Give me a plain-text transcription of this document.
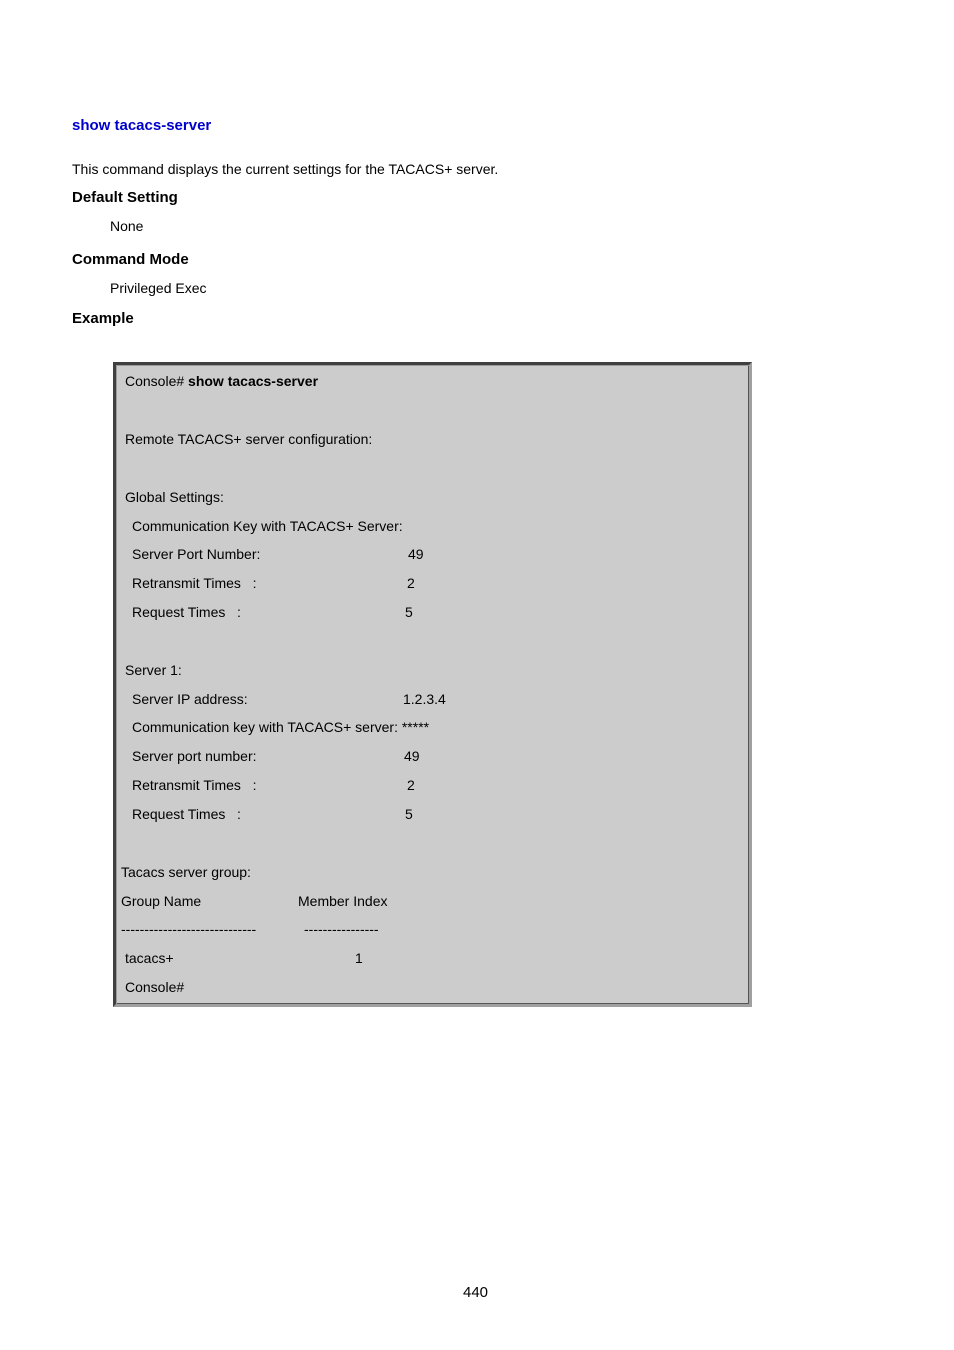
show tacacs-server
This command displays the current settings for the TACACS+ server.
Default Setting
None
Command Mode
Privileged Exec
Example
Console# show tacacs-server
Remote TACACS+ server configuration:
Global Settings:
Communication Key with TACACS+ Server:
Server Port Number:	49
Retransmit Times   :	2
Request Times   :	5
Server 1:
Server IP address:	1.2.3.4
Communication key with TACACS+ server: *****
Server port number:	49
Retransmit Times   :	2
Request Times   :	5
Tacacs server group:
Group Name	Member Index
-----------------------------	----------------
tacacs+	1
Console#
440
